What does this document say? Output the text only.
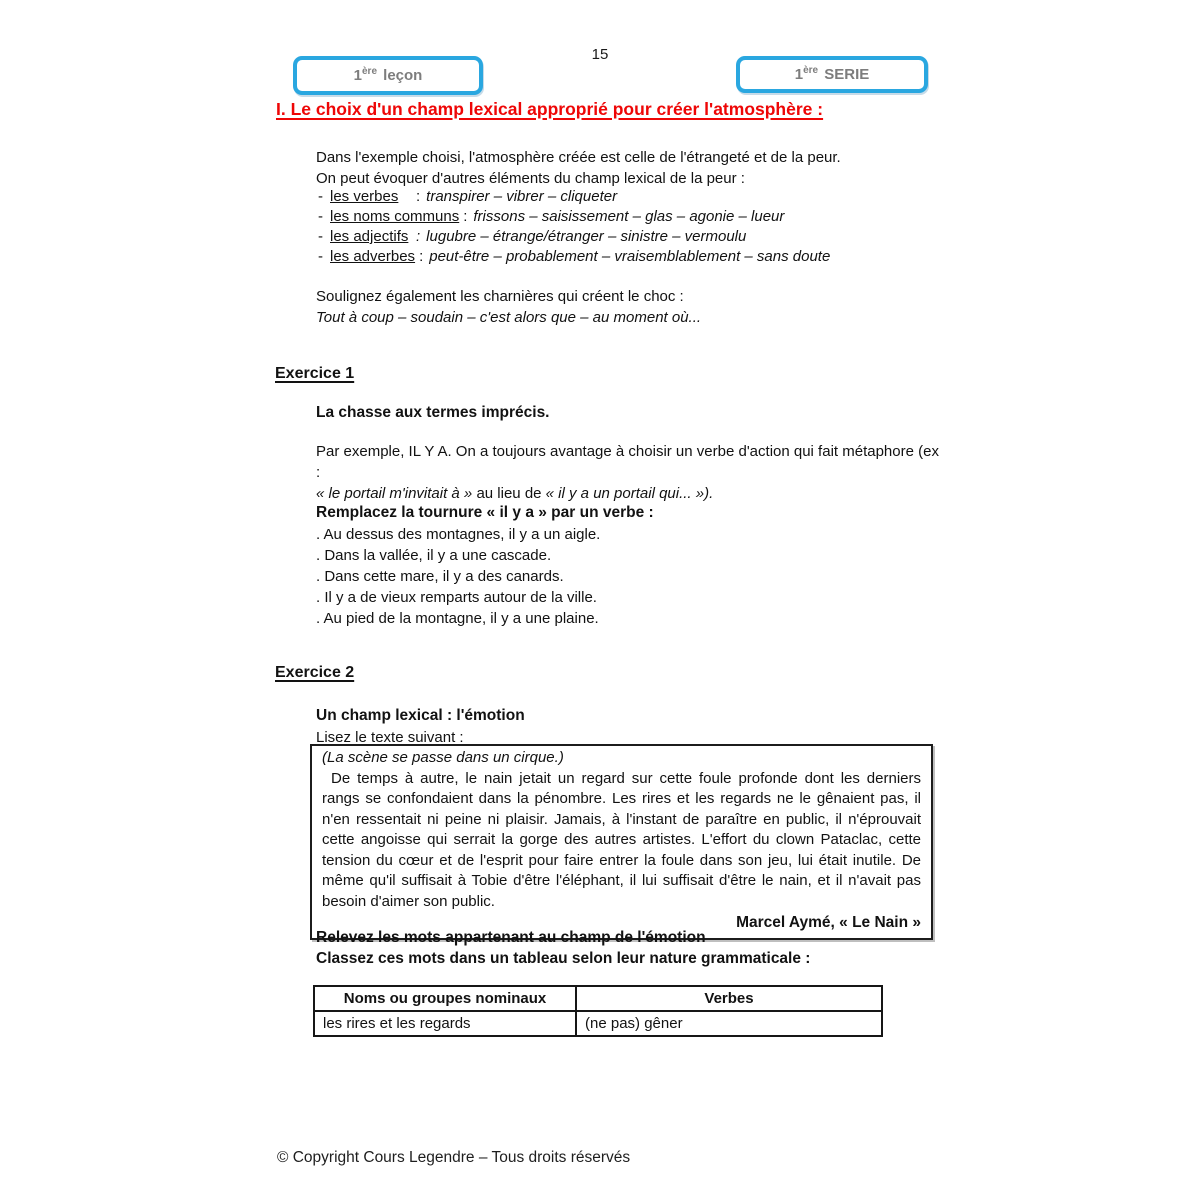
15
1ère leçon	1ère SERIE
I. Le choix d'un champ lexical approprié pour créer l'atmosphère :
Dans l'exemple choisi, l'atmosphère créée est celle de l'étrangeté et de la peur.
On peut évoquer d'autres éléments du champ lexical de la peur :
- les verbes : transpirer – vibrer – cliqueter
- les noms communs : frissons – saisissement – glas – agonie – lueur
- les adjectifs : lugubre – étrange/étranger – sinistre – vermoulu
- les adverbes : peut-être – probablement – vraisemblablement – sans doute
Soulignez également les charnières qui créent le choc :
Tout à coup – soudain – c'est alors que – au moment où...
Exercice 1
La chasse aux termes imprécis.
Par exemple, IL Y A. On a toujours avantage à choisir un verbe d'action qui fait métaphore (ex :
« le portail m'invitait à » au lieu de « il y a un portail qui... »).
Remplacez la tournure « il y a » par un verbe :
. Au dessus des montagnes, il y a un aigle.
. Dans la vallée, il y a une cascade.
. Dans cette mare, il y a des canards.
. Il y a de vieux remparts autour de la ville.
. Au pied de la montagne, il y a une plaine.
Exercice 2
Un champ lexical : l'émotion
Lisez le texte suivant :
(La scène se passe dans un cirque.)
De temps à autre, le nain jetait un regard sur cette foule profonde dont les derniers rangs se confondaient dans la pénombre. Les rires et les regards ne le gênaient pas, il n'en ressentait ni peine ni plaisir. Jamais, à l'instant de paraître en public, il n'éprouvait cette angoisse qui serrait la gorge des autres artistes. L'effort du clown Pataclac, cette tension du cœur et de l'esprit pour faire entrer la foule dans son jeu, lui était inutile. De même qu'il suffisait à Tobie d'être l'éléphant, il lui suffisait d'être le nain, et il n'avait pas besoin d'aimer son public.
Marcel Aymé, « Le Nain »
Relevez les mots appartenant au champ de l'émotion
Classez ces mots dans un tableau selon leur nature grammaticale :
Noms ou groupes nominaux	Verbes
les rires et les regards	(ne pas) gêner
© Copyright Cours Legendre – Tous droits réservés
